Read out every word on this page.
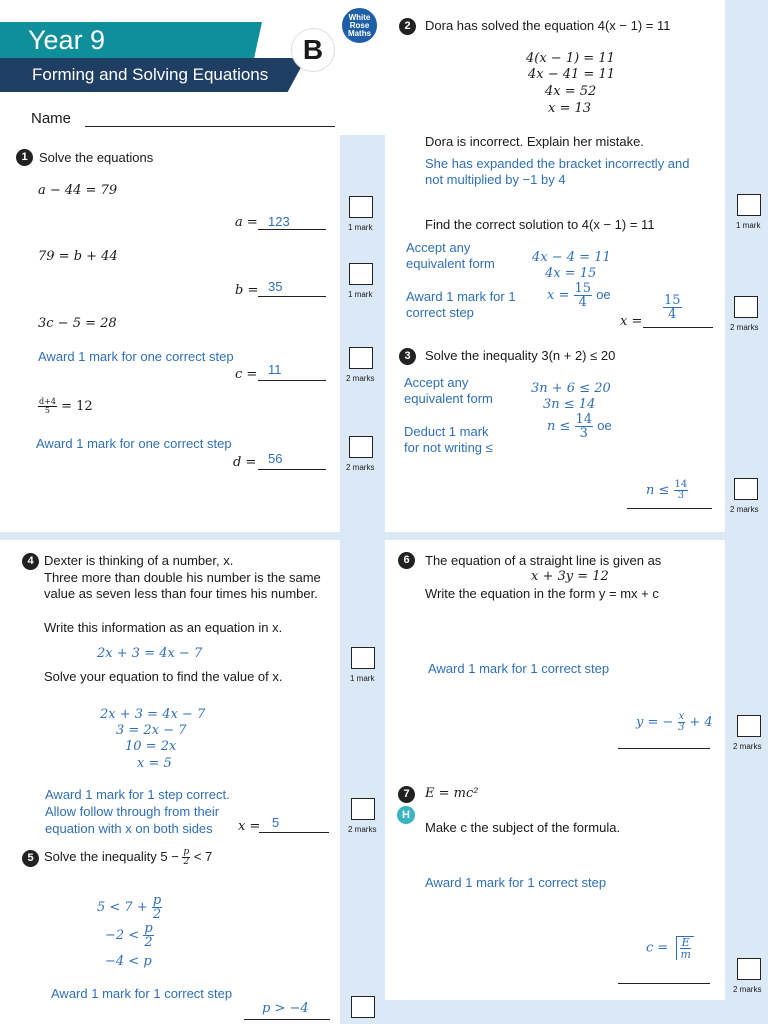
Year 9
Forming and Solving Equations
B
White
Rose
Maths
Name
1 Solve the equations
a − 44 = 79
a = 123	1 mark
79 = b + 44
b = 35
1 mark
3c − 5 = 28
Award 1 mark for one correct step
c = 11
2 marks
$\frac{d+4}{5} = 12$
Award 1 mark for one correct step
d = 56
2 marks
2	Dora has solved the equation 4(x − 1) = 11
4(x − 1) = 11
4x − 41 = 11
4x = 52
x = 13
Dora is incorrect. Explain her mistake.
She has expanded the bracket incorrectly and
not multiplied by −1 by 4
1 mark
Find the correct solution to 4(x − 1) = 11
Accept any
equivalent form
Award 1 mark for 1
correct step
4x − 4 = 11
4x = 15
$x = \frac{15}{4}$ oe
x =
$\frac{15}{4}$
2 marks
3	Solve the inequality 3(n + 2) ≤ 20
Accept any
equivalent form
Deduct 1 mark
for not writing ≤
3n + 6 ≤ 20
3n ≤ 14
$n \le \frac{14}{3}$ oe
$n \le \frac{14}{3}$
2 marks
4 Dexter is thinking of a number, x.
Three more than double his number is the same
value as seven less than four times his number.
Write this information as an equation in x.
2x + 3 = 4x − 7
1 mark
Solve your equation to find the value of x.
2x + 3 = 4x − 7
3 = 2x − 7
10 = 2x
x = 5
Award 1 mark for 1 step correct.
Allow follow through from their
equation with x on both sides x = 5	2 marks
5 Solve the inequality $5 - \frac{p}{2} < 7$
$5 < 7 + \frac{p}{2}$
$-2 < \frac{p}{2}$
−4 < p
Award 1 mark for 1 correct step
p > −4
6	The equation of a straight line is given as
x + 3y = 12
Write the equation in the form y = mx + c
Award 1 mark for 1 correct step
y = − $\frac{x}{3} + 4$
2 marks
7	E = mc²
H
Make c the subject of the formula.
Award 1 mark for 1 correct step
$c = \frac{E}{m}$
2 marks
